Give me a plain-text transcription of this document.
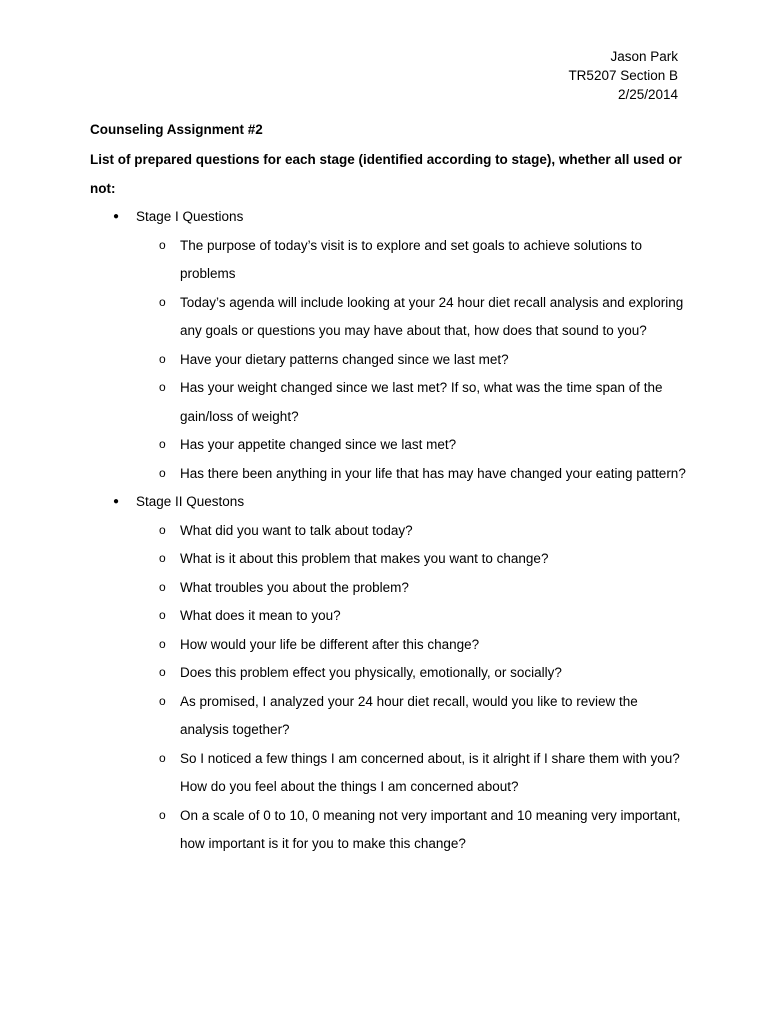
Jason Park
TR5207 Section B
2/25/2014
Counseling Assignment #2
List of prepared questions for each stage (identified according to stage), whether all used or not:
● Stage I Questions
o The purpose of today’s visit is to explore and set goals to achieve solutions to problems
o Today’s agenda will include looking at your 24 hour diet recall analysis and exploring any goals or questions you may have about that, how does that sound to you?
o Have your dietary patterns changed since we last met?
o Has your weight changed since we last met? If so, what was the time span of the gain/loss of weight?
o Has your appetite changed since we last met?
o Has there been anything in your life that has may have changed your eating pattern?
● Stage II Questons
o What did you want to talk about today?
o What is it about this problem that makes you want to change?
o What troubles you about the problem?
o What does it mean to you?
o How would your life be different after this change?
o Does this problem effect you physically, emotionally, or socially?
o As promised, I analyzed your 24 hour diet recall, would you like to review the analysis together?
o So I noticed a few things I am concerned about, is it alright if I share them with you? How do you feel about the things I am concerned about?
o On a scale of 0 to 10, 0 meaning not very important and 10 meaning very important, how important is it for you to make this change?
